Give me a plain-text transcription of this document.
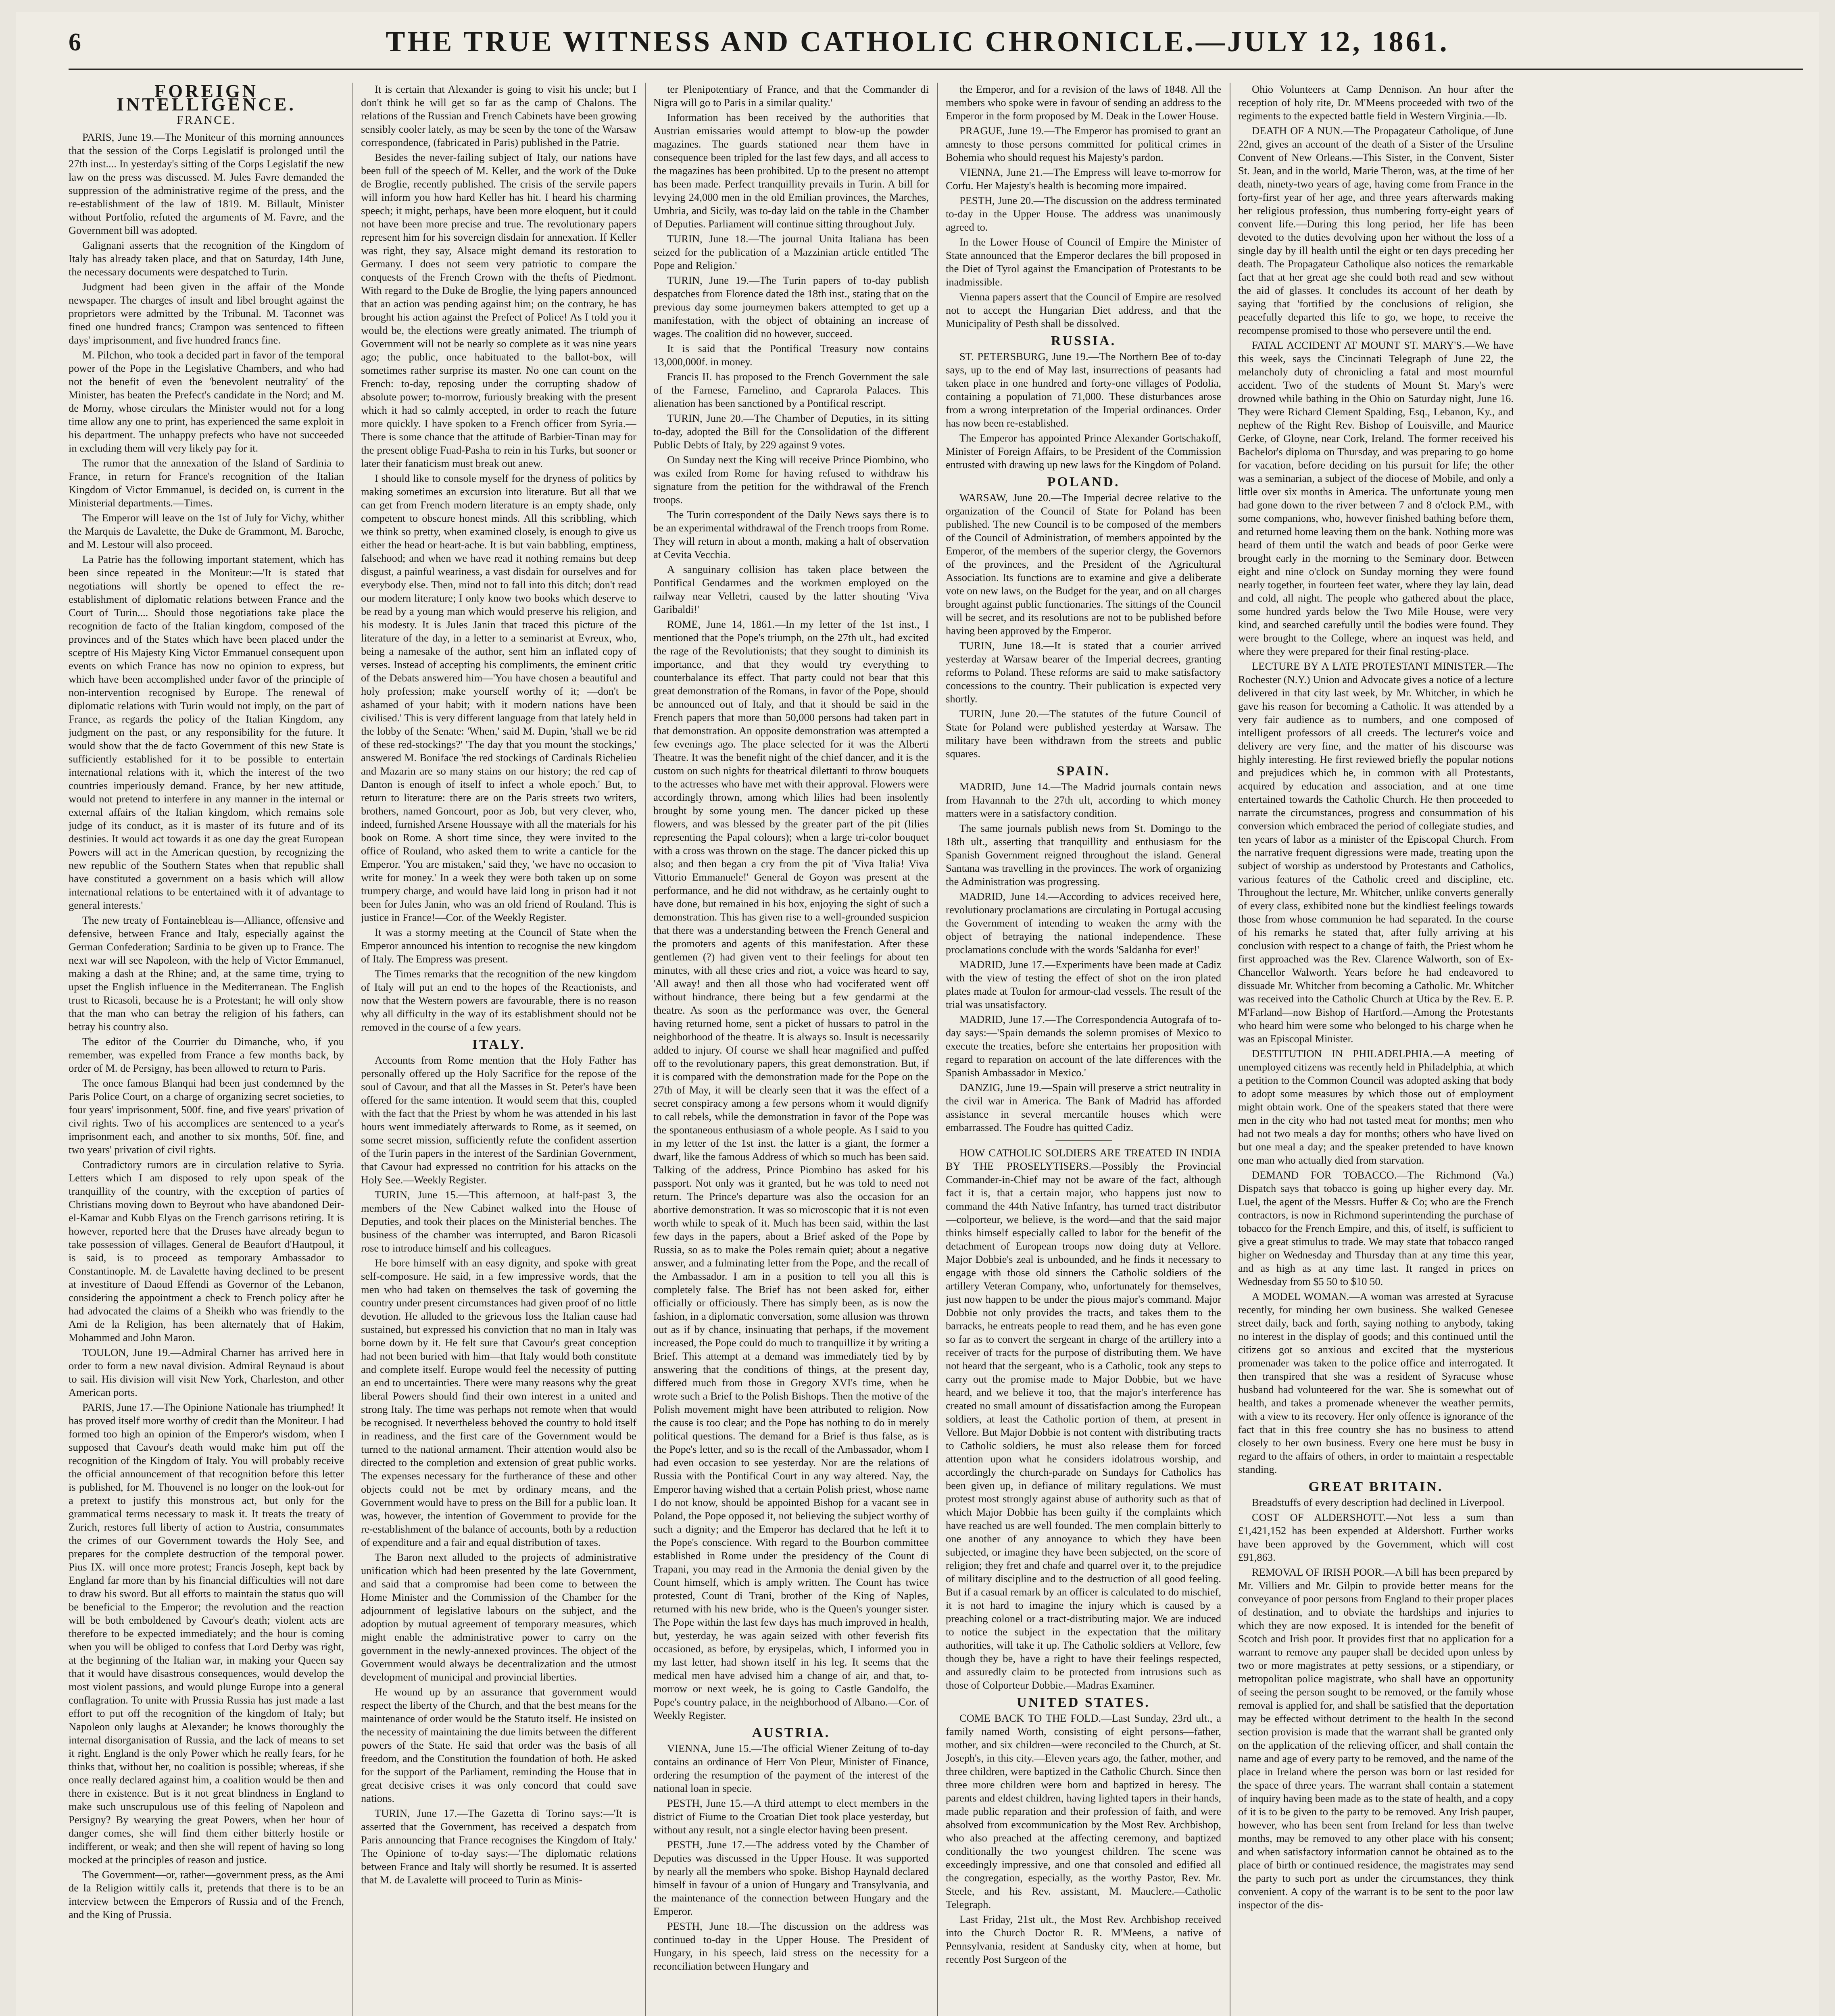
6	THE TRUE WITNESS AND CATHOLIC CHRONICLE.—JULY 12, 1861.
FOREIGN INTELLIGENCE.
FRANCE.

PARIS, June 19.—The Moniteur of this morning announces that the session of the Corps Legislatif is prolonged until the 27th inst.... In yesterday's sitting of the Corps Legislatif the new law on the press was discussed. M. Jules Favre demanded the suppression of the administrative regime of the press, and the re-establishment of the law of 1819. M. Billault, Minister without Portfolio, refuted the arguments of M. Favre, and the Government bill was adopted.

Galignani asserts that the recognition of the Kingdom of Italy has already taken place, and that on Saturday, 14th June, the necessary documents were despatched to Turin.

Judgment had been given in the affair of the Monde newspaper. The charges of insult and libel brought against the proprietors were admitted by the Tribunal. M. Taconnet was fined one hundred francs; Crampon was sentenced to fifteen days' imprisonment, and five hundred francs fine.

M. Pilchon, who took a decided part in favor of the temporal power of the Pope in the Legislative Chambers, and who had not the benefit of even the 'benevolent neutrality' of the Minister, has beaten the Prefect's candidate in the Nord; and M. de Morny, whose circulars the Minister would not for a long time allow any one to print, has experienced the same exploit in his department. The unhappy prefects who have not succeeded in excluding them will very likely pay for it.

The rumor that the annexation of the Island of Sardinia to France, in return for France's recognition of the Italian Kingdom of Victor Emmanuel, is decided on, is current in the Ministerial departments.—Times.

The Emperor will leave on the 1st of July for Vichy, whither the Marquis de Lavalette, the Duke de Grammont, M. Baroche, and M. Lestour will also proceed.

La Patrie has the following important statement, which has been since repeated in the Moniteur:—'It is stated that negotiations will shortly be opened to effect the re-establishment of diplomatic relations between France and the Court of Turin.... Should those negotiations take place the recognition de facto of the Italian kingdom, composed of the provinces and of the States which have been placed under the sceptre of His Majesty King Victor Emmanuel consequent upon events on which France has now no opinion to express, but which have been accomplished under favor of the principle of non-intervention recognised by Europe. The renewal of diplomatic relations with Turin would not imply, on the part of France, as regards the policy of the Italian Kingdom, any judgment on the past, or any responsibility for the future. It would show that the de facto Government of this new State is sufficiently established for it to be possible to entertain international relations with it, which the interest of the two countries imperiously demand. France, by her new attitude, would not pretend to interfere in any manner in the internal or external affairs of the Italian kingdom, which remains sole judge of its conduct, as it is master of its future and of its destinies. It would act towards it as one day the great European Powers will act in the American question, by recognizing the new republic of the Southern States when that republic shall have constituted a government on a basis which will allow international relations to be entertained with it of advantage to general interests.'

The new treaty of Fontainebleau is—Alliance, offensive and defensive, between France and Italy, especially against the German Confederation; Sardinia to be given up to France. The next war will see Napoleon, with the help of Victor Emmanuel, making a dash at the Rhine; and, at the same time, trying to upset the English influence in the Mediterranean. The English trust to Ricasoli, because he is a Protestant; he will only show that the man who can betray the religion of his fathers, can betray his country also.

The editor of the Courrier du Dimanche, who, if you remember, was expelled from France a few months back, by order of M. de Persigny, has been allowed to return to Paris.

The once famous Blanqui had been just condemned by the Paris Police Court, on a charge of organizing secret societies, to four years' imprisonment, 500f. fine, and five years' privation of civil rights. Two of his accomplices are sentenced to a year's imprisonment each, and another to six months, 50f. fine, and two years' privation of civil rights.

Contradictory rumors are in circulation relative to Syria. Letters which I am disposed to rely upon speak of the tranquillity of the country, with the exception of parties of Christians moving down to Beyrout who have abandoned Deir-el-Kamar and Kubb Elyas on the French garrisons retiring. It is however, reported here that the Druses have already begun to take possession of villages. General de Beaufort d'Hautpoul, it is said, is to proceed as temporary Ambassador to Constantinople. M. de Lavalette having declined to be present at investiture of Daoud Effendi as Governor of the Lebanon, considering the appointment a check to French policy after he had advocated the claims of a Sheikh who was friendly to the Ami de la Religion, has been alternately that of Hakim, Mohammed and John Maron.

TOULON, June 19.—Admiral Charner has arrived here in order to form a new naval division. Admiral Reynaud is about to sail. His division will visit New York, Charleston, and other American ports.

PARIS, June 17.—The Opinione Nationale has triumphed! It has proved itself more worthy of credit than the Moniteur. I had formed too high an opinion of the Emperor's wisdom, when I supposed that Cavour's death would make him put off the recognition of the Kingdom of Italy. You will probably receive the official announcement of that recognition before this letter is published, for M. Thouvenel is no longer on the look-out for a pretext to justify this monstrous act, but only for the grammatical terms necessary to mask it. It treats the treaty of Zurich, restores full liberty of action to Austria, consummates the crimes of our Government towards the Holy See, and prepares for the complete destruction of the temporal power. Pius IX. will once more protest; Francis Joseph, kept back by England far more than by his financial difficulties will not dare to draw his sword. But all efforts to maintain the status quo will be beneficial to the Emperor; the revolution and the reaction will be both emboldened by Cavour's death; violent acts are therefore to be expected immediately; and the hour is coming when you will be obliged to confess that Lord Derby was right, at the beginning of the Italian war, in making your Queen say that it would have disastrous consequences, would develop the most violent passions, and would plunge Europe into a general conflagration. To unite with Prussia Russia has just made a last effort to put off the recognition of the kingdom of Italy; but Napoleon only laughs at Alexander; he knows thoroughly the internal disorganisation of Russia, and the lack of means to set it right. England is the only Power which he really fears, for he thinks that, without her, no coalition is possible; whereas, if she once really declared against him, a coalition would be then and there in existence. But is it not great blindness in England to make such unscrupulous use of this feeling of Napoleon and Persigny? By wearying the great Powers, when her hour of danger comes, she will find them either bitterly hostile or indifferent, or weak; and then she will repent of having so long mocked at the principles of reason and justice.

The Government—or, rather—government press, as the Ami de la Religion wittily calls it, pretends that there is to be an interview between the Emperors of Russia and of the French, and the King of Prussia.

It is certain that Alexander is going to visit his uncle; but I don't think he will get so far as the camp of Chalons. The relations of the Russian and French Cabinets have been growing sensibly cooler lately, as may be seen by the tone of the Warsaw correspondence, (fabricated in Paris) published in the Patrie.

Besides the never-failing subject of Italy, our nations have been full of the speech of M. Keller, and the work of the Duke de Broglie, recently published. The crisis of the servile papers will inform you how hard Keller has hit. I heard his charming speech; it might, perhaps, have been more eloquent, but it could not have been more precise and true. The revolutionary papers represent him for his sovereign disdain for annexation. If Keller was right, they say, Alsace might demand its restoration to Germany. I does not seem very patriotic to compare the conquests of the French Crown with the thefts of Piedmont. With regard to the Duke de Broglie, the lying papers announced that an action was pending against him; on the contrary, he has brought his action against the Prefect of Police! As I told you it would be, the elections were greatly animated. The triumph of Government will not be nearly so complete as it was nine years ago; the public, once habituated to the ballot-box, will sometimes rather surprise its master. No one can count on the French: to-day, reposing under the corrupting shadow of absolute power; to-morrow, furiously breaking with the present which it had so calmly accepted, in order to reach the future more quickly. I have spoken to a French officer from Syria.—There is some chance that the attitude of Barbier-Tinan may for the present oblige Fuad-Pasha to rein in his Turks, but sooner or later their fanaticism must break out anew.

I should like to console myself for the dryness of politics by making sometimes an excursion into literature. But all that we can get from French modern literature is an empty shade, only competent to obscure honest minds. All this scribbling, which we think so pretty, when examined closely, is enough to give us either the head or heart-ache. It is but vain babbling, emptiness, falsehood; and when we have read it nothing remains but deep disgust, a painful weariness, a vast disdain for ourselves and for everybody else. Then, mind not to fall into this ditch; don't read our modern literature; I only know two books which deserve to be read by a young man which would preserve his religion, and his modesty. It is Jules Janin that traced this picture of the literature of the day, in a letter to a seminarist at Evreux, who, being a namesake of the author, sent him an inflated copy of verses. Instead of accepting his compliments, the eminent critic of the Debats answered him—'You have chosen a beautiful and holy profession; make yourself worthy of it; —don't be ashamed of your habit; with it modern nations have been civilised.' This is very different language from that lately held in the lobby of the Senate: 'When,' said M. Dupin, 'shall we be rid of these red-stockings?' 'The day that you mount the stockings,' answered M. Boniface 'the red stockings of Cardinals Richelieu and Mazarin are so many stains on our history; the red cap of Danton is enough of itself to infect a whole epoch.' But, to return to literature: there are on the Paris streets two writers, brothers, named Goncourt, poor as Job, but very clever, who, indeed, furnished Arsene Houssaye with all the materials for his book on Rome. A short time since, they were invited to the office of Rouland, who asked them to write a canticle for the Emperor. 'You are mistaken,' said they, 'we have no occasion to write for money.' In a week they were both taken up on some trumpery charge, and would have laid long in prison had it not been for Jules Janin, who was an old friend of Rouland. This is justice in France!—Cor. of the Weekly Register.

It was a stormy meeting at the Council of State when the Emperor announced his intention to recognise the new kingdom of Italy. The Empress was present.

The Times remarks that the recognition of the new kingdom of Italy will put an end to the hopes of the Reactionists, and now that the Western powers are favourable, there is no reason why all difficulty in the way of its establishment should not be removed in the course of a few years.

ITALY.

Accounts from Rome mention that the Holy Father has personally offered up the Holy Sacrifice for the repose of the soul of Cavour, and that all the Masses in St. Peter's have been offered for the same intention. It would seem that this, coupled with the fact that the Priest by whom he was attended in his last hours went immediately afterwards to Rome, as it seemed, on some secret mission, sufficiently refute the confident assertion of the Turin papers in the interest of the Sardinian Government, that Cavour had expressed no contrition for his attacks on the Holy See.—Weekly Register.

TURIN, June 15.—This afternoon, at half-past 3, the members of the New Cabinet walked into the House of Deputies, and took their places on the Ministerial benches. The business of the chamber was interrupted, and Baron Ricasoli rose to introduce himself and his colleagues.

He bore himself with an easy dignity, and spoke with great self-composure. He said, in a few impressive words, that the men who had taken on themselves the task of governing the country under present circumstances had given proof of no little devotion. He alluded to the grievous loss the Italian cause had sustained, but expressed his conviction that no man in Italy was borne down by it. He felt sure that Cavour's great conception had not been buried with him—that Italy would both constitute and complete itself. Europe would feel the necessity of putting an end to uncertainties. There were many reasons why the great liberal Powers should find their own interest in a united and strong Italy. The time was perhaps not remote when that would be recognised. It nevertheless behoved the country to hold itself in readiness, and the first care of the Government would be turned to the national armament. Their attention would also be directed to the completion and extension of great public works. The expenses necessary for the furtherance of these and other objects could not be met by ordinary means, and the Government would have to press on the Bill for a public loan. It was, however, the intention of Government to provide for the re-establishment of the balance of accounts, both by a reduction of expenditure and a fair and equal distribution of taxes.

The Baron next alluded to the projects of administrative unification which had been presented by the late Government, and said that a compromise had been come to between the Home Minister and the Commission of the Chamber for the adjournment of legislative labours on the subject, and the adoption by mutual agreement of temporary measures, which might enable the administrative power to carry on the government in the newly-annexed provinces. The object of the Government would always be decentralization and the utmost development of municipal and provincial liberties.

He wound up by an assurance that government would respect the liberty of the Church, and that the best means for the maintenance of order would be the Statuto itself. He insisted on the necessity of maintaining the due limits between the different powers of the State. He said that order was the basis of all freedom, and the Constitution the foundation of both. He asked for the support of the Parliament, reminding the House that in great decisive crises it was only concord that could save nations.

TURIN, June 17.—The Gazetta di Torino says:—'It is asserted that the Government, has received a despatch from Paris announcing that France recognises the Kingdom of Italy.' The Opinione of to-day says:—'The diplomatic relations between France and Italy will shortly be resumed. It is asserted that M. de Lavalette will proceed to Turin as Minis-

ter Plenipotentiary of France, and that the Commander di Nigra will go to Paris in a similar quality.'

Information has been received by the authorities that Austrian emissaries would attempt to blow-up the powder magazines. The guards stationed near them have in consequence been tripled for the last few days, and all access to the magazines has been prohibited. Up to the present no attempt has been made. Perfect tranquillity prevails in Turin. A bill for levying 24,000 men in the old Emilian provinces, the Marches, Umbria, and Sicily, was to-day laid on the table in the Chamber of Deputies. Parliament will continue sitting throughout July.

TURIN, June 18.—The journal Unita Italiana has been seized for the publication of a Mazzinian article entitled 'The Pope and Religion.'

TURIN, June 19.—The Turin papers of to-day publish despatches from Florence dated the 18th inst., stating that on the previous day some journeymen bakers attempted to get up a manifestation, with the object of obtaining an increase of wages. The coalition did no however, succeed.

It is said that the Pontifical Treasury now contains 13,000,000f. in money.

Francis II. has proposed to the French Government the sale of the Farnese, Farnelino, and Caprarola Palaces. This alienation has been sanctioned by a Pontifical rescript.

TURIN, June 20.—The Chamber of Deputies, in its sitting to-day, adopted the Bill for the Consolidation of the different Public Debts of Italy, by 229 against 9 votes.

On Sunday next the King will receive Prince Piombino, who was exiled from Rome for having refused to withdraw his signature from the petition for the withdrawal of the French troops.

The Turin correspondent of the Daily News says there is to be an experimental withdrawal of the French troops from Rome. They will return in about a month, making a halt of observation at Cevita Vecchia.

A sanguinary collision has taken place between the Pontifical Gendarmes and the workmen employed on the railway near Velletri, caused by the latter shouting 'Viva Garibaldi!'

ROME, June 14, 1861.—In my letter of the 1st inst., I mentioned that the Pope's triumph, on the 27th ult., had excited the rage of the Revolutionists; that they sought to diminish its importance, and that they would try everything to counterbalance its effect. That party could not bear that this great demonstration of the Romans, in favor of the Pope, should be announced out of Italy, and that it should be said in the French papers that more than 50,000 persons had taken part in that demonstration. An opposite demonstration was attempted a few evenings ago. The place selected for it was the Alberti Theatre. It was the benefit night of the chief dancer, and it is the custom on such nights for theatrical dilettanti to throw bouquets to the actresses who have met with their approval. Flowers were accordingly thrown, among which lilies had been insolently brought by some young men. The dancer picked up these flowers, and was blessed by the greater part of the pit (lilies representing the Papal colours); when a large tri-color bouquet with a cross was thrown on the stage. The dancer picked this up also; and then began a cry from the pit of 'Viva Italia! Viva Vittorio Emmanuele!' General de Goyon was present at the performance, and he did not withdraw, as he certainly ought to have done, but remained in his box, enjoying the sight of such a demonstration. This has given rise to a well-grounded suspicion that there was a understanding between the French General and the promoters and agents of this manifestation. After these gentlemen (?) had given vent to their feelings for about ten minutes, with all these cries and riot, a voice was heard to say, 'All away! and then all those who had vociferated went off without hindrance, there being but a few gendarmi at the theatre. As soon as the performance was over, the General having returned home, sent a picket of hussars to patrol in the neighborhood of the theatre. It is always so. Insult is necessarily added to injury. Of course we shall hear magnified and puffed off to the revolutionary papers, this great demonstration. But, if it is compared with the demonstration made for the Pope on the 27th of May, it will be clearly seen that it was the effect of a secret conspiracy among a few persons whom it would dignify to call rebels, while the demonstration in favor of the Pope was the spontaneous enthusiasm of a whole people. As I said to you in my letter of the 1st inst. the latter is a giant, the former a dwarf, like the famous Address of which so much has been said. Talking of the address, Prince Piombino has asked for his passport. Not only was it granted, but he was told to need not return. The Prince's departure was also the occasion for an abortive demonstration. It was so microscopic that it is not even worth while to speak of it. Much has been said, within the last few days in the papers, about a Brief asked of the Pope by Russia, so as to make the Poles remain quiet; about a negative answer, and a fulminating letter from the Pope, and the recall of the Ambassador. I am in a position to tell you all this is completely false. The Brief has not been asked for, either officially or officiously. There has simply been, as is now the fashion, in a diplomatic conversation, some allusion was thrown out as if by chance, insinuating that perhaps, if the movement increased, the Pope could do much to tranquillize it by writing a Brief. This attempt at a demand was immediately tied by by answering that the conditions of things, at the present day, differed much from those in Gregory XVI's time, when he wrote such a Brief to the Polish Bishops. Then the motive of the Polish movement might have been attributed to religion. Now the cause is too clear; and the Pope has nothing to do in merely political questions. The demand for a Brief is thus false, as is the Pope's letter, and so is the recall of the Ambassador, whom I had even occasion to see yesterday. Nor are the relations of Russia with the Pontifical Court in any way altered. Nay, the Emperor having wished that a certain Polish priest, whose name I do not know, should be appointed Bishop for a vacant see in Poland, the Pope opposed it, not believing the subject worthy of such a dignity; and the Emperor has declared that he left it to the Pope's conscience. With regard to the Bourbon committee established in Rome under the presidency of the Count di Trapani, you may read in the Armonia the denial given by the Count himself, which is amply written. The Count has twice protested, Count di Trani, brother of the King of Naples, returned with his new bride, who is the Queen's younger sister. The Pope within the last few days has much improved in health, but, yesterday, he was again seized with other feverish fits occasioned, as before, by erysipelas, which, I informed you in my last letter, had shown itself in his leg. It seems that the medical men have advised him a change of air, and that, to-morrow or next week, he is going to Castle Gandolfo, the Pope's country palace, in the neighborhood of Albano.—Cor. of Weekly Register.

AUSTRIA.

VIENNA, June 15.—The official Wiener Zeitung of to-day contains an ordinance of Herr Von Pleur, Minister of Finance, ordering the resumption of the payment of the interest of the national loan in specie.

PESTH, June 15.—A third attempt to elect members in the district of Fiume to the Croatian Diet took place yesterday, but without any result, not a single elector having been present.

PESTH, June 17.—The address voted by the Chamber of Deputies was discussed in the Upper House. It was supported by nearly all the members who spoke. Bishop Haynald declared himself in favour of a union of Hungary and Transylvania, and the maintenance of the connection between Hungary and the Emperor.

PESTH, June 18.—The discussion on the address was continued to-day in the Upper House. The President of Hungary, in his speech, laid stress on the necessity for a reconciliation between Hungary and

the Emperor, and for a revision of the laws of 1848. All the members who spoke were in favour of sending an address to the Emperor in the form proposed by M. Deak in the Lower House.

PRAGUE, June 19.—The Emperor has promised to grant an amnesty to those persons committed for political crimes in Bohemia who should request his Majesty's pardon.

VIENNA, June 21.—The Empress will leave to-morrow for Corfu. Her Majesty's health is becoming more impaired.

PESTH, June 20.—The discussion on the address terminated to-day in the Upper House. The address was unanimously agreed to.

In the Lower House of Council of Empire the Minister of State announced that the Emperor declares the bill proposed in the Diet of Tyrol against the Emancipation of Protestants to be inadmissible.

Vienna papers assert that the Council of Empire are resolved not to accept the Hungarian Diet address, and that the Municipality of Pesth shall be dissolved.

RUSSIA.

ST. PETERSBURG, June 19.—The Northern Bee of to-day says, up to the end of May last, insurrections of peasants had taken place in one hundred and forty-one villages of Podolia, containing a population of 71,000. These disturbances arose from a wrong interpretation of the Imperial ordinances. Order has now been re-established.

The Emperor has appointed Prince Alexander Gortschakoff, Minister of Foreign Affairs, to be President of the Commission entrusted with drawing up new laws for the Kingdom of Poland.

POLAND.

WARSAW, June 20.—The Imperial decree relative to the organization of the Council of State for Poland has been published. The new Council is to be composed of the members of the Council of Administration, of members appointed by the Emperor, of the members of the superior clergy, the Governors of the provinces, and the President of the Agricultural Association. Its functions are to examine and give a deliberate vote on new laws, on the Budget for the year, and on all charges brought against public functionaries. The sittings of the Council will be secret, and its resolutions are not to be published before having been approved by the Emperor.

TURIN, June 18.—It is stated that a courier arrived yesterday at Warsaw bearer of the Imperial decrees, granting reforms to Poland. These reforms are said to make satisfactory concessions to the country. Their publication is expected very shortly.

TURIN, June 20.—The statutes of the future Council of State for Poland were published yesterday at Warsaw. The military have been withdrawn from the streets and public squares.

SPAIN.

MADRID, June 14.—The Madrid journals contain news from Havannah to the 27th ult, according to which money matters were in a satisfactory condition.

The same journals publish news from St. Domingo to the 18th ult., asserting that tranquillity and enthusiasm for the Spanish Government reigned throughout the island. General Santana was travelling in the provinces. The work of organizing the Administration was progressing.

MADRID, June 14.—According to advices received here, revolutionary proclamations are circulating in Portugal accusing the Government of intending to weaken the army with the object of betraying the national independence. These proclamations conclude with the words 'Saldanha for ever!'

MADRID, June 17.—Experiments have been made at Cadiz with the view of testing the effect of shot on the iron plated plates made at Toulon for armour-clad vessels. The result of the trial was unsatisfactory.

MADRID, June 17.—The Correspondencia Autografa of to-day says:—'Spain demands the solemn promises of Mexico to execute the treaties, before she entertains her proposition with regard to reparation on account of the late differences with the Spanish Ambassador in Mexico.'

DANZIG, June 19.—Spain will preserve a strict neutrality in the civil war in America. The Bank of Madrid has afforded assistance in several mercantile houses which were embarrassed. The Foudre has quitted Cadiz.

HOW CATHOLIC SOLDIERS ARE TREATED IN INDIA BY THE PROSELYTISERS.—Possibly the Provincial Commander-in-Chief may not be aware of the fact, although fact it is, that a certain major, who happens just now to command the 44th Native Infantry, has turned tract distributor—colporteur, we believe, is the word—and that the said major thinks himself especially called to labor for the benefit of the detachment of European troops now doing duty at Vellore. Major Dobbie's zeal is unbounded, and he finds it necessary to engage with those old sinners the Catholic soldiers of the artillery Veteran Company, who, unfortunately for themselves, just now happen to be under the pious major's command. Major Dobbie not only provides the tracts, and takes them to the barracks, he entreats people to read them, and he has even gone so far as to convert the sergeant in charge of the artillery into a receiver of tracts for the purpose of distributing them. We have not heard that the sergeant, who is a Catholic, took any steps to carry out the promise made to Major Dobbie, but we have heard, and we believe it too, that the major's interference has created no small amount of dissatisfaction among the European soldiers, at least the Catholic portion of them, at present in Vellore. But Major Dobbie is not content with distributing tracts to Catholic soldiers, he must also release them for forced attention upon what he considers idolatrous worship, and accordingly the church-parade on Sundays for Catholics has been given up, in defiance of military regulations. We must protest most strongly against abuse of authority such as that of which Major Dobbie has been guilty if the complaints which have reached us are well founded. The men complain bitterly to one another of any annoyance to which they have been subjected, or imagine they have been subjected, on the score of religion; they fret and chafe and quarrel over it, to the prejudice of military discipline and to the destruction of all good feeling. But if a casual remark by an officer is calculated to do mischief, it is not hard to imagine the injury which is caused by a preaching colonel or a tract-distributing major. We are induced to notice the subject in the expectation that the military authorities, will take it up. The Catholic soldiers at Vellore, few though they be, have a right to have their feelings respected, and assuredly claim to be protected from intrusions such as those of Colporteur Dobbie.—Madras Examiner.

UNITED STATES.

COME BACK TO THE FOLD.—Last Sunday, 23rd ult., a family named Worth, consisting of eight persons—father, mother, and six children—were reconciled to the Church, at St. Joseph's, in this city.—Eleven years ago, the father, mother, and three children, were baptized in the Catholic Church. Since then three more children were born and baptized in heresy. The parents and eldest children, having lighted tapers in their hands, made public reparation and their profession of faith, and were absolved from excommunication by the Most Rev. Archbishop, who also preached at the affecting ceremony, and baptized conditionally the two youngest children. The scene was exceedingly impressive, and one that consoled and edified all the congregation, especially, as the worthy Pastor, Rev. Mr. Steele, and his Rev. assistant, M. Mauclere.—Catholic Telegraph.

Last Friday, 21st ult., the Most Rev. Archbishop received into the Church Doctor R. R. M'Meens, a native of Pennsylvania, resident at Sandusky city, when at home, but recently Post Surgeon of the

Ohio Volunteers at Camp Dennison. An hour after the reception of holy rite, Dr. M'Meens proceeded with two of the regiments to the expected battle field in Western Virginia.—Ib.

DEATH OF A NUN.—The Propagateur Catholique, of June 22nd, gives an account of the death of a Sister of the Ursuline Convent of New Orleans.—This Sister, in the Convent, Sister St. Jean, and in the world, Marie Theron, was, at the time of her death, ninety-two years of age, having come from France in the forty-first year of her age, and three years afterwards making her religious profession, thus numbering forty-eight years of convent life.—During this long period, her life has been devoted to the duties devolving upon her without the loss of a single day by ill health until the eight or ten days preceding her death. The Propagateur Catholique also notices the remarkable fact that at her great age she could both read and sew without the aid of glasses. It concludes its account of her death by saying that 'fortified by the conclusions of religion, she peacefully departed this life to go, we hope, to receive the recompense promised to those who persevere until the end.

FATAL ACCIDENT AT MOUNT ST. MARY'S.—We have this week, says the Cincinnati Telegraph of June 22, the melancholy duty of chronicling a fatal and most mournful accident. Two of the students of Mount St. Mary's were drowned while bathing in the Ohio on Saturday night, June 16. They were Richard Clement Spalding, Esq., Lebanon, Ky., and nephew of the Right Rev. Bishop of Louisville, and Maurice Gerke, of Gloyne, near Cork, Ireland. The former received his Bachelor's diploma on Thursday, and was preparing to go home for vacation, before deciding on his pursuit for life; the other was a seminarian, a subject of the diocese of Mobile, and only a little over six months in America. The unfortunate young men had gone down to the river between 7 and 8 o'clock P.M., with some companions, who, however finished bathing before them, and returned home leaving them on the bank. Nothing more was heard of them until the watch and beads of poor Gerke were brought early in the morning to the Seminary door. Between eight and nine o'clock on Sunday morning they were found nearly together, in fourteen feet water, where they lay lain, dead and cold, all night. The people who gathered about the place, some hundred yards below the Two Mile House, were very kind, and searched carefully until the bodies were found. They were brought to the College, where an inquest was held, and where they were prepared for their final resting-place.

LECTURE BY A LATE PROTESTANT MINISTER.—The Rochester (N.Y.) Union and Advocate gives a notice of a lecture delivered in that city last week, by Mr. Whitcher, in which he gave his reason for becoming a Catholic. It was attended by a very fair audience as to numbers, and one composed of intelligent professors of all creeds. The lecturer's voice and delivery are very fine, and the matter of his discourse was highly interesting. He first reviewed briefly the popular notions and prejudices which he, in common with all Protestants, acquired by education and association, and at one time entertained towards the Catholic Church. He then proceeded to narrate the circumstances, progress and consummation of his conversion which embraced the period of collegiate studies, and ten years of labor as a minister of the Episcopal Church. From the narrative frequent digressions were made, treating upon the subject of worship as understood by Protestants and Catholics, various features of the Catholic creed and discipline, etc. Throughout the lecture, Mr. Whitcher, unlike converts generally of every class, exhibited none but the kindliest feelings towards those from whose communion he had separated. In the course of his remarks he stated that, after fully arriving at his conclusion with respect to a change of faith, the Priest whom he first approached was the Rev. Clarence Walworth, son of Ex-Chancellor Walworth. Years before he had endeavored to dissuade Mr. Whitcher from becoming a Catholic. Mr. Whitcher was received into the Catholic Church at Utica by the Rev. E. P. M'Farland—now Bishop of Hartford.—Among the Protestants who heard him were some who belonged to his charge when he was an Episcopal Minister.

DESTITUTION IN PHILADELPHIA.—A meeting of unemployed citizens was recently held in Philadelphia, at which a petition to the Common Council was adopted asking that body to adopt some measures by which those out of employment might obtain work. One of the speakers stated that there were men in the city who had not tasted meat for months; men who had not two meals a day for months; others who have lived on but one meal a day; and the speaker pretended to have known one man who actually died from starvation.

DEMAND FOR TOBACCO.—The Richmond (Va.) Dispatch says that tobacco is going up higher every day. Mr. Luel, the agent of the Messrs. Huffer & Co; who are the French contractors, is now in Richmond superintending the purchase of tobacco for the French Empire, and this, of itself, is sufficient to give a great stimulus to trade. We may state that tobacco ranged higher on Wednesday and Thursday than at any time this year, and as high as at any time last. It ranged in prices on Wednesday from $5 50 to $10 50.

A MODEL WOMAN.—A woman was arrested at Syracuse recently, for minding her own business. She walked Genesee street daily, back and forth, saying nothing to anybody, taking no interest in the display of goods; and this continued until the citizens got so anxious and excited that the mysterious promenader was taken to the police office and interrogated. It then transpired that she was a resident of Syracuse whose husband had volunteered for the war. She is somewhat out of health, and takes a promenade whenever the weather permits, with a view to its recovery. Her only offence is ignorance of the fact that in this free country she has no business to attend closely to her own business. Every one here must be busy in regard to the affairs of others, in order to maintain a respectable standing.

GREAT BRITAIN.

Breadstuffs of every description had declined in Liverpool.

COST OF ALDERSHOTT.—Not less a sum than £1,421,152 has been expended at Aldershott. Further works have been approved by the Government, which will cost £91,863.

REMOVAL OF IRISH POOR.—A bill has been prepared by Mr. Villiers and Mr. Gilpin to provide better means for the conveyance of poor persons from England to their proper places of destination, and to obviate the hardships and injuries to which they are now exposed. It is intended for the benefit of Scotch and Irish poor. It provides first that no application for a warrant to remove any pauper shall be decided upon unless by two or more magistrates at petty sessions, or a stipendiary, or metropolitan police magistrate, who shall have an opportunity of seeing the person sought to be removed, or the family whose removal is applied for, and shall be satisfied that the deportation may be effected without detriment to the health In the second section provision is made that the warrant shall be granted only on the application of the relieving officer, and shall contain the name and age of every party to be removed, and the name of the place in Ireland where the person was born or last resided for the space of three years. The warrant shall contain a statement of inquiry having been made as to the state of health, and a copy of it is to be given to the party to be removed. Any Irish pauper, however, who has been sent from Ireland for less than twelve months, may be removed to any other place with his consent; and when satisfactory information cannot be obtained as to the place of birth or continued residence, the magistrates may send the party to such port as under the circumstances, they think convenient. A copy of the warrant is to be sent to the poor law inspector of the dis-
